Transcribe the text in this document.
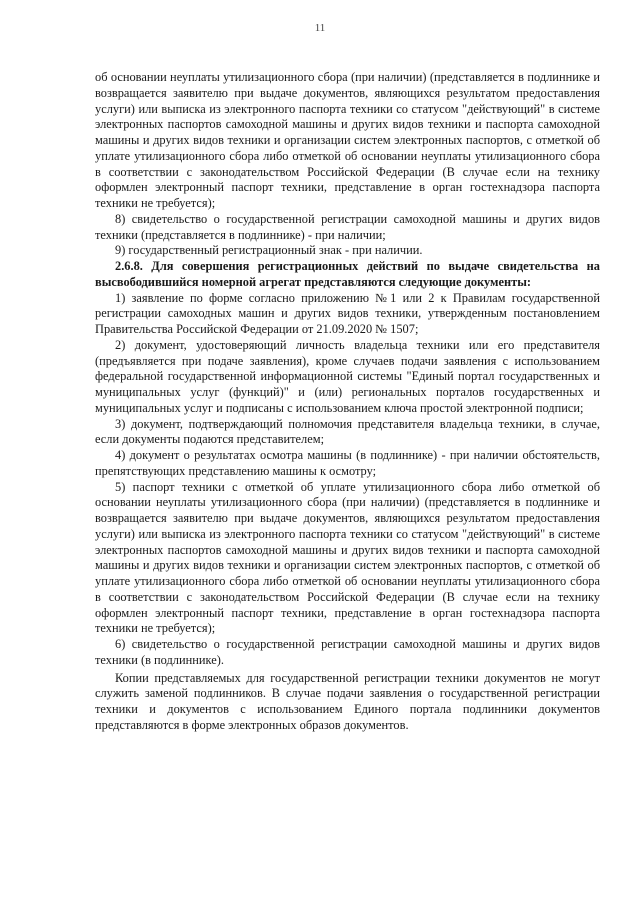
11

об основании неуплаты утилизационного сбора (при наличии) (представляется в подлиннике и возвращается заявителю при выдаче документов, являющихся результатом предоставления услуги) или выписка из электронного паспорта техники со статусом "действующий" в системе электронных паспортов самоходной машины и других видов техники и паспорта самоходной машины и других видов техники и организации систем электронных паспортов, с отметкой об уплате утилизационного сбора либо отметкой об основании неуплаты утилизационного сбора в соответствии с законодательством Российской Федерации (В случае если на технику оформлен электронный паспорт техники, представление в орган гостехнадзора паспорта техники не требуется);

8) свидетельство о государственной регистрации самоходной машины и других видов техники (представляется в подлиннике) - при наличии;

9) государственный регистрационный знак - при наличии.

2.6.8. Для совершения регистрационных действий по выдаче свидетельства на высвободившийся номерной агрегат представляются следующие документы:

1) заявление по форме согласно приложению №1 или 2 к Правилам государственной регистрации самоходных машин и других видов техники, утвержденным постановлением Правительства Российской Федерации от 21.09.2020 № 1507;

2) документ, удостоверяющий личность владельца техники или его представителя (предъявляется при подаче заявления), кроме случаев подачи заявления с использованием федеральной государственной информационной системы "Единый портал государственных и муниципальных услуг (функций)" и (или) региональных порталов государственных и муниципальных услуг и подписаны с использованием ключа простой электронной подписи;

3) документ, подтверждающий полномочия представителя владельца техники, в случае, если документы подаются представителем;

4) документ о результатах осмотра машины (в подлиннике) - при наличии обстоятельств, препятствующих представлению машины к осмотру;

5) паспорт техники с отметкой об уплате утилизационного сбора либо отметкой об основании неуплаты утилизационного сбора (при наличии) (представляется в подлиннике и возвращается заявителю при выдаче документов, являющихся результатом предоставления услуги) или выписка из электронного паспорта техники со статусом "действующий" в системе электронных паспортов самоходной машины и других видов техники и паспорта самоходной машины и других видов техники и организации систем электронных паспортов, с отметкой об уплате утилизационного сбора либо отметкой об основании неуплаты утилизационного сбора в соответствии с законодательством Российской Федерации (В случае если на технику оформлен электронный паспорт техники, представление в орган гостехнадзора паспорта техники не требуется);

6) свидетельство о государственной регистрации самоходной машины и других видов техники (в подлиннике).

Копии представляемых для государственной регистрации техники документов не могут служить заменой подлинников. В случае подачи заявления о государственной регистрации техники и документов с использованием Единого портала подлинники документов представляются в форме электронных образов документов.
